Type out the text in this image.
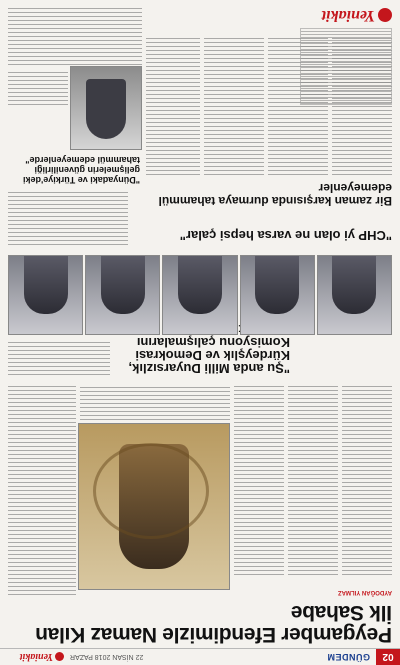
02
GÜNDEM
22 NİSAN 2018 PAZAR
Yeniakit
Peygamber Efendimizle Namaz Kılan İlk Sahabe
AYDOĞAN YILMAZ
"Şu anda Milli Duyarsızlık, Kürdeyşlık ve Demokrasi Komisyonu çalışmalarını
"CHP yi olan ne varsa hepsi çalar"
Bir zaman karşısında durmaya tahammül edemeyenler
"Dünyadaki ve Türkiye'deki gelişmelerin güvenilirliği tahammül edemeyenlerde"
Yeniakit
